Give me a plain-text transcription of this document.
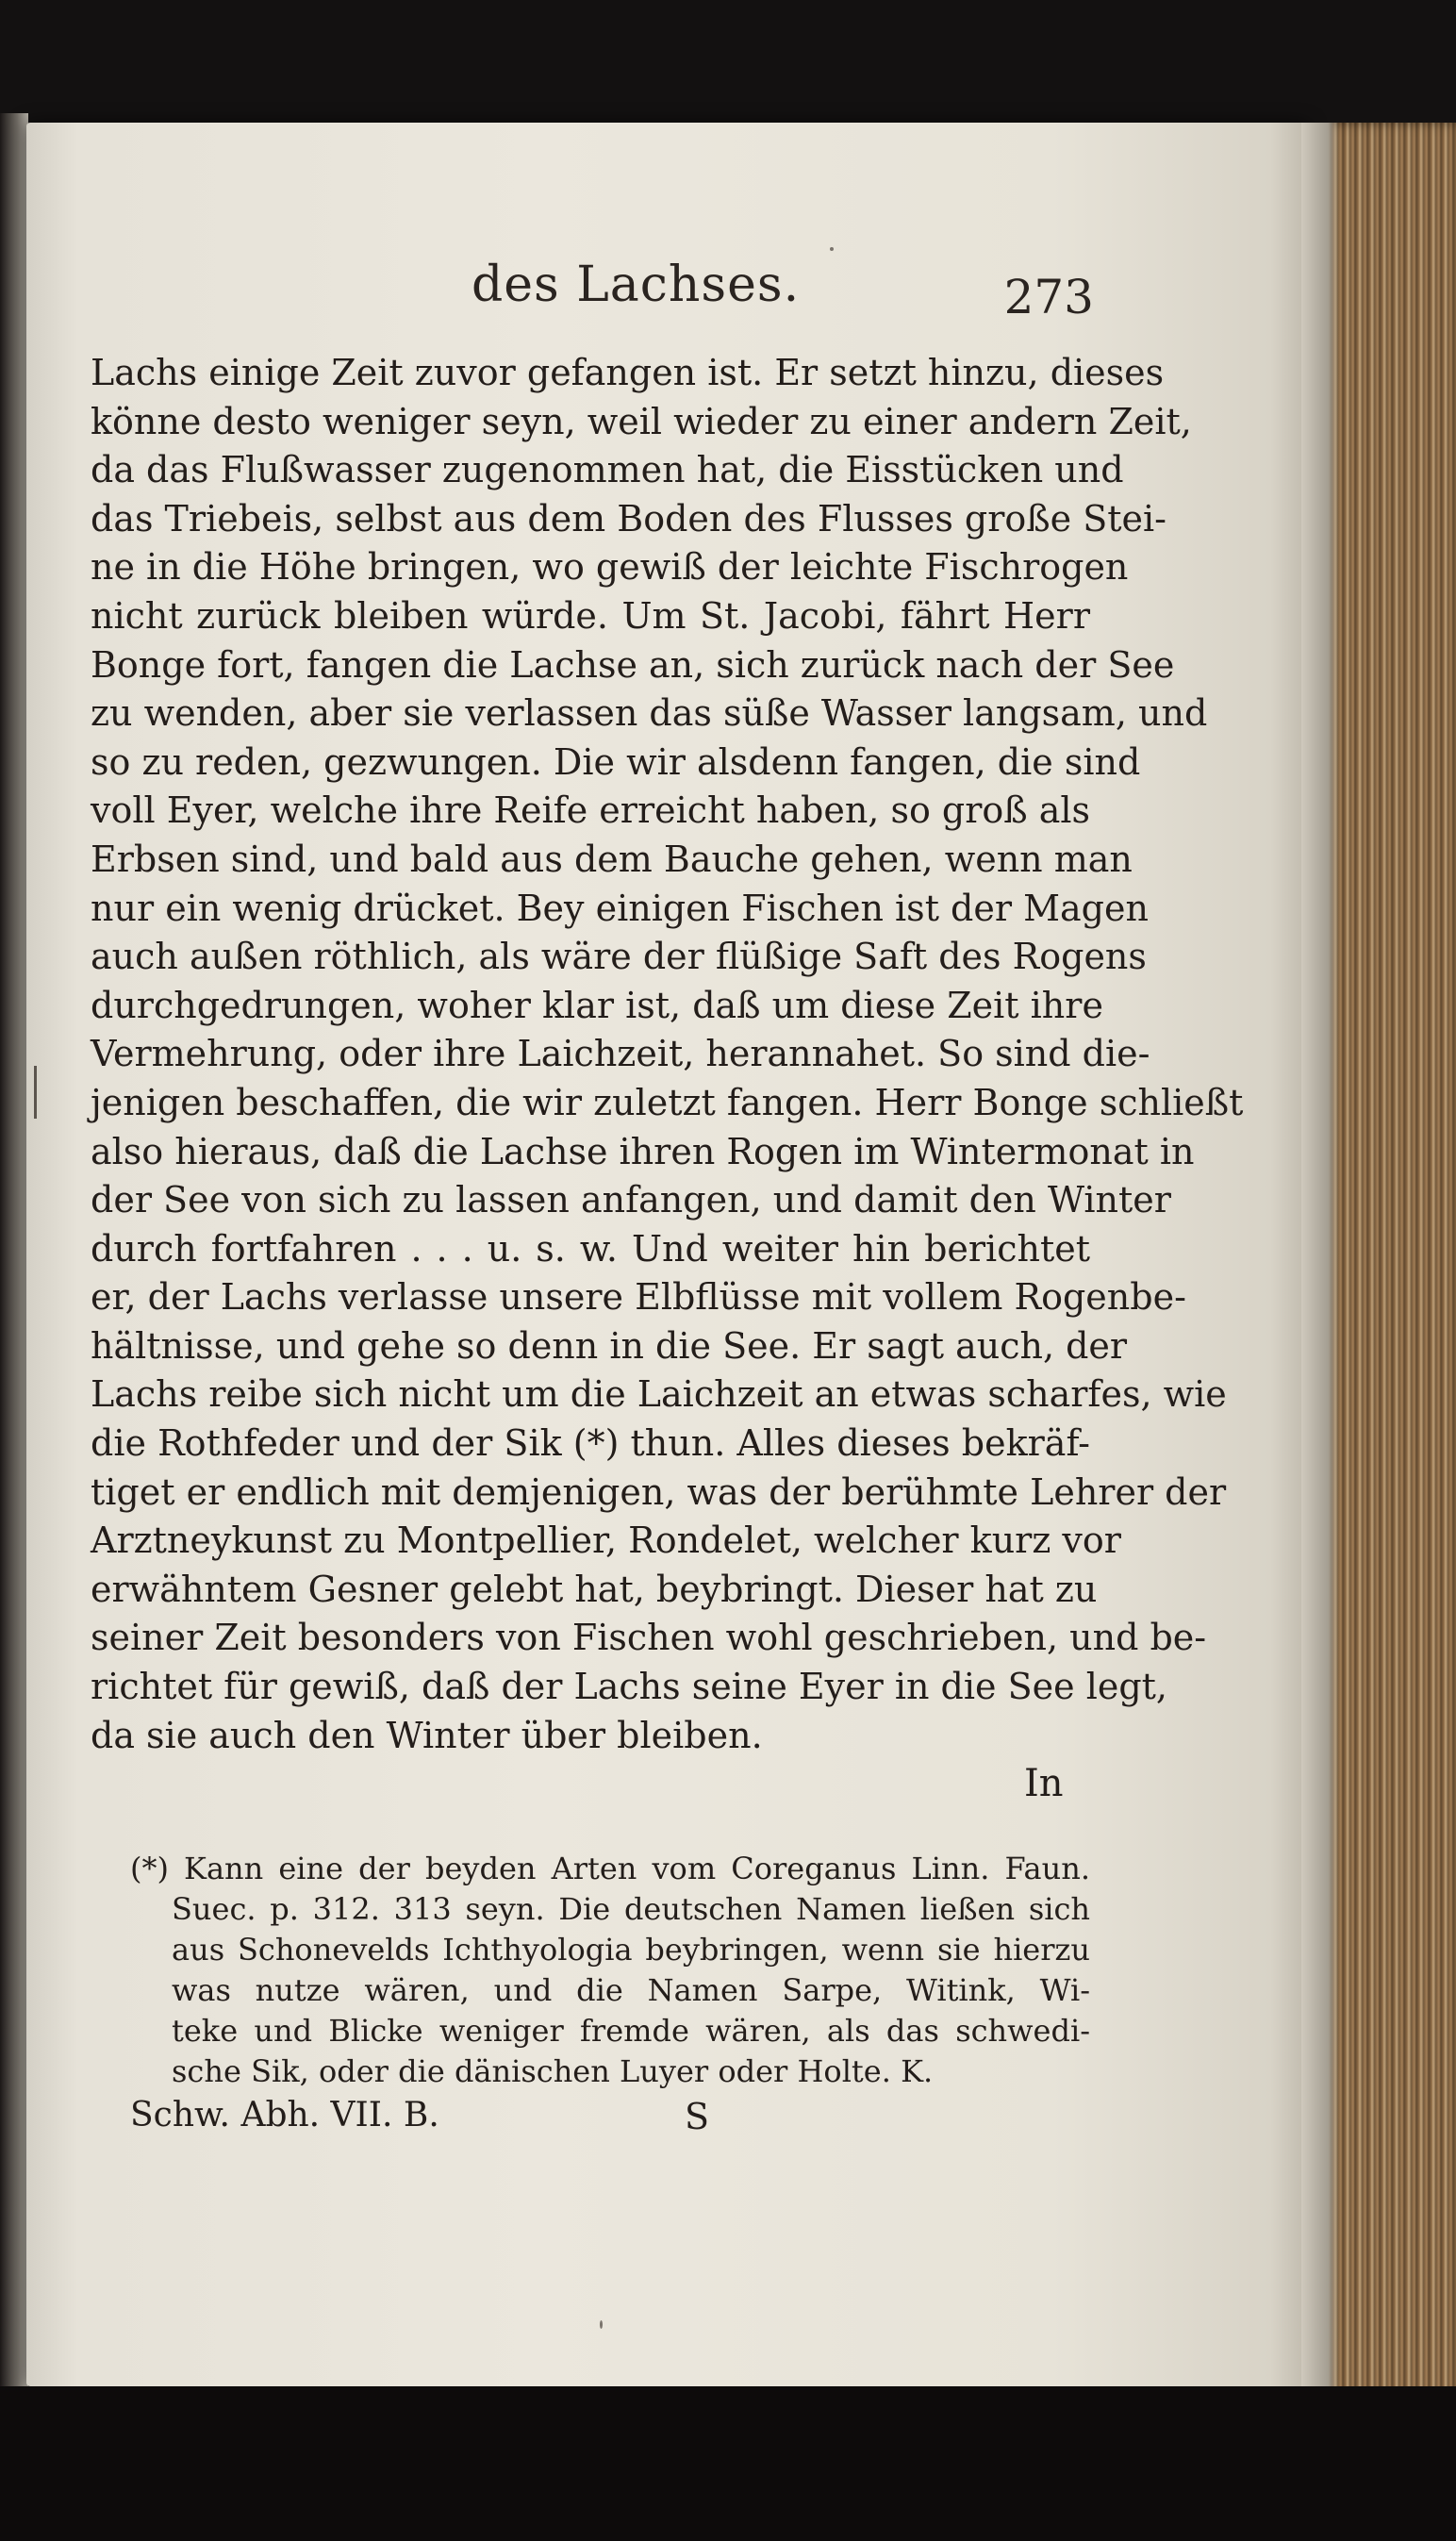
des Lachses.	273
Lachs einige Zeit zuvor gefangen ist. Er setzt hinzu, dieses
könne desto weniger seyn, weil wieder zu einer andern Zeit,
da das Flußwasser zugenommen hat, die Eisstücken und
das Triebeis, selbst aus dem Boden des Flusses große Stei-
ne in die Höhe bringen, wo gewiß der leichte Fischrogen
nicht zurück bleiben würde. Um St. Jacobi, fährt Herr
Bonge fort, fangen die Lachse an, sich zurück nach der See
zu wenden, aber sie verlassen das süße Wasser langsam, und
so zu reden, gezwungen. Die wir alsdenn fangen, die sind
voll Eyer, welche ihre Reife erreicht haben, so groß als
Erbsen sind, und bald aus dem Bauche gehen, wenn man
nur ein wenig drücket. Bey einigen Fischen ist der Magen
auch außen röthlich, als wäre der flüßige Saft des Rogens
durchgedrungen, woher klar ist, daß um diese Zeit ihre
Vermehrung, oder ihre Laichzeit, herannahet. So sind die-
jenigen beschaffen, die wir zuletzt fangen. Herr Bonge schließt
also hieraus, daß die Lachse ihren Rogen im Wintermonat in
der See von sich zu lassen anfangen, und damit den Winter
durch fortfahren . . . u. s. w. Und weiter hin berichtet
er, der Lachs verlasse unsere Elbflüsse mit vollem Rogenbe-
hältnisse, und gehe so denn in die See. Er sagt auch, der
Lachs reibe sich nicht um die Laichzeit an etwas scharfes, wie
die Rothfeder und der Sik (*) thun. Alles dieses bekräf-
tiget er endlich mit demjenigen, was der berühmte Lehrer der
Arztneykunst zu Montpellier, Rondelet, welcher kurz vor
erwähntem Gesner gelebt hat, beybringt. Dieser hat zu
seiner Zeit besonders von Fischen wohl geschrieben, und be-
richtet für gewiß, daß der Lachs seine Eyer in die See legt,
da sie auch den Winter über bleiben.
In
(*) Kann eine der beyden Arten vom Coreganus Linn. Faun.
Suec. p. 312. 313 seyn. Die deutschen Namen ließen sich
aus Schonevelds Ichthyologia beybringen, wenn sie hierzu
was nutze wären, und die Namen Sarpe, Witink, Wi-
teke und Blicke weniger fremde wären, als das schwedi-
sche Sik, oder die dänischen Luyer oder Holte. K.
Schw. Abh. VII. B.	S
